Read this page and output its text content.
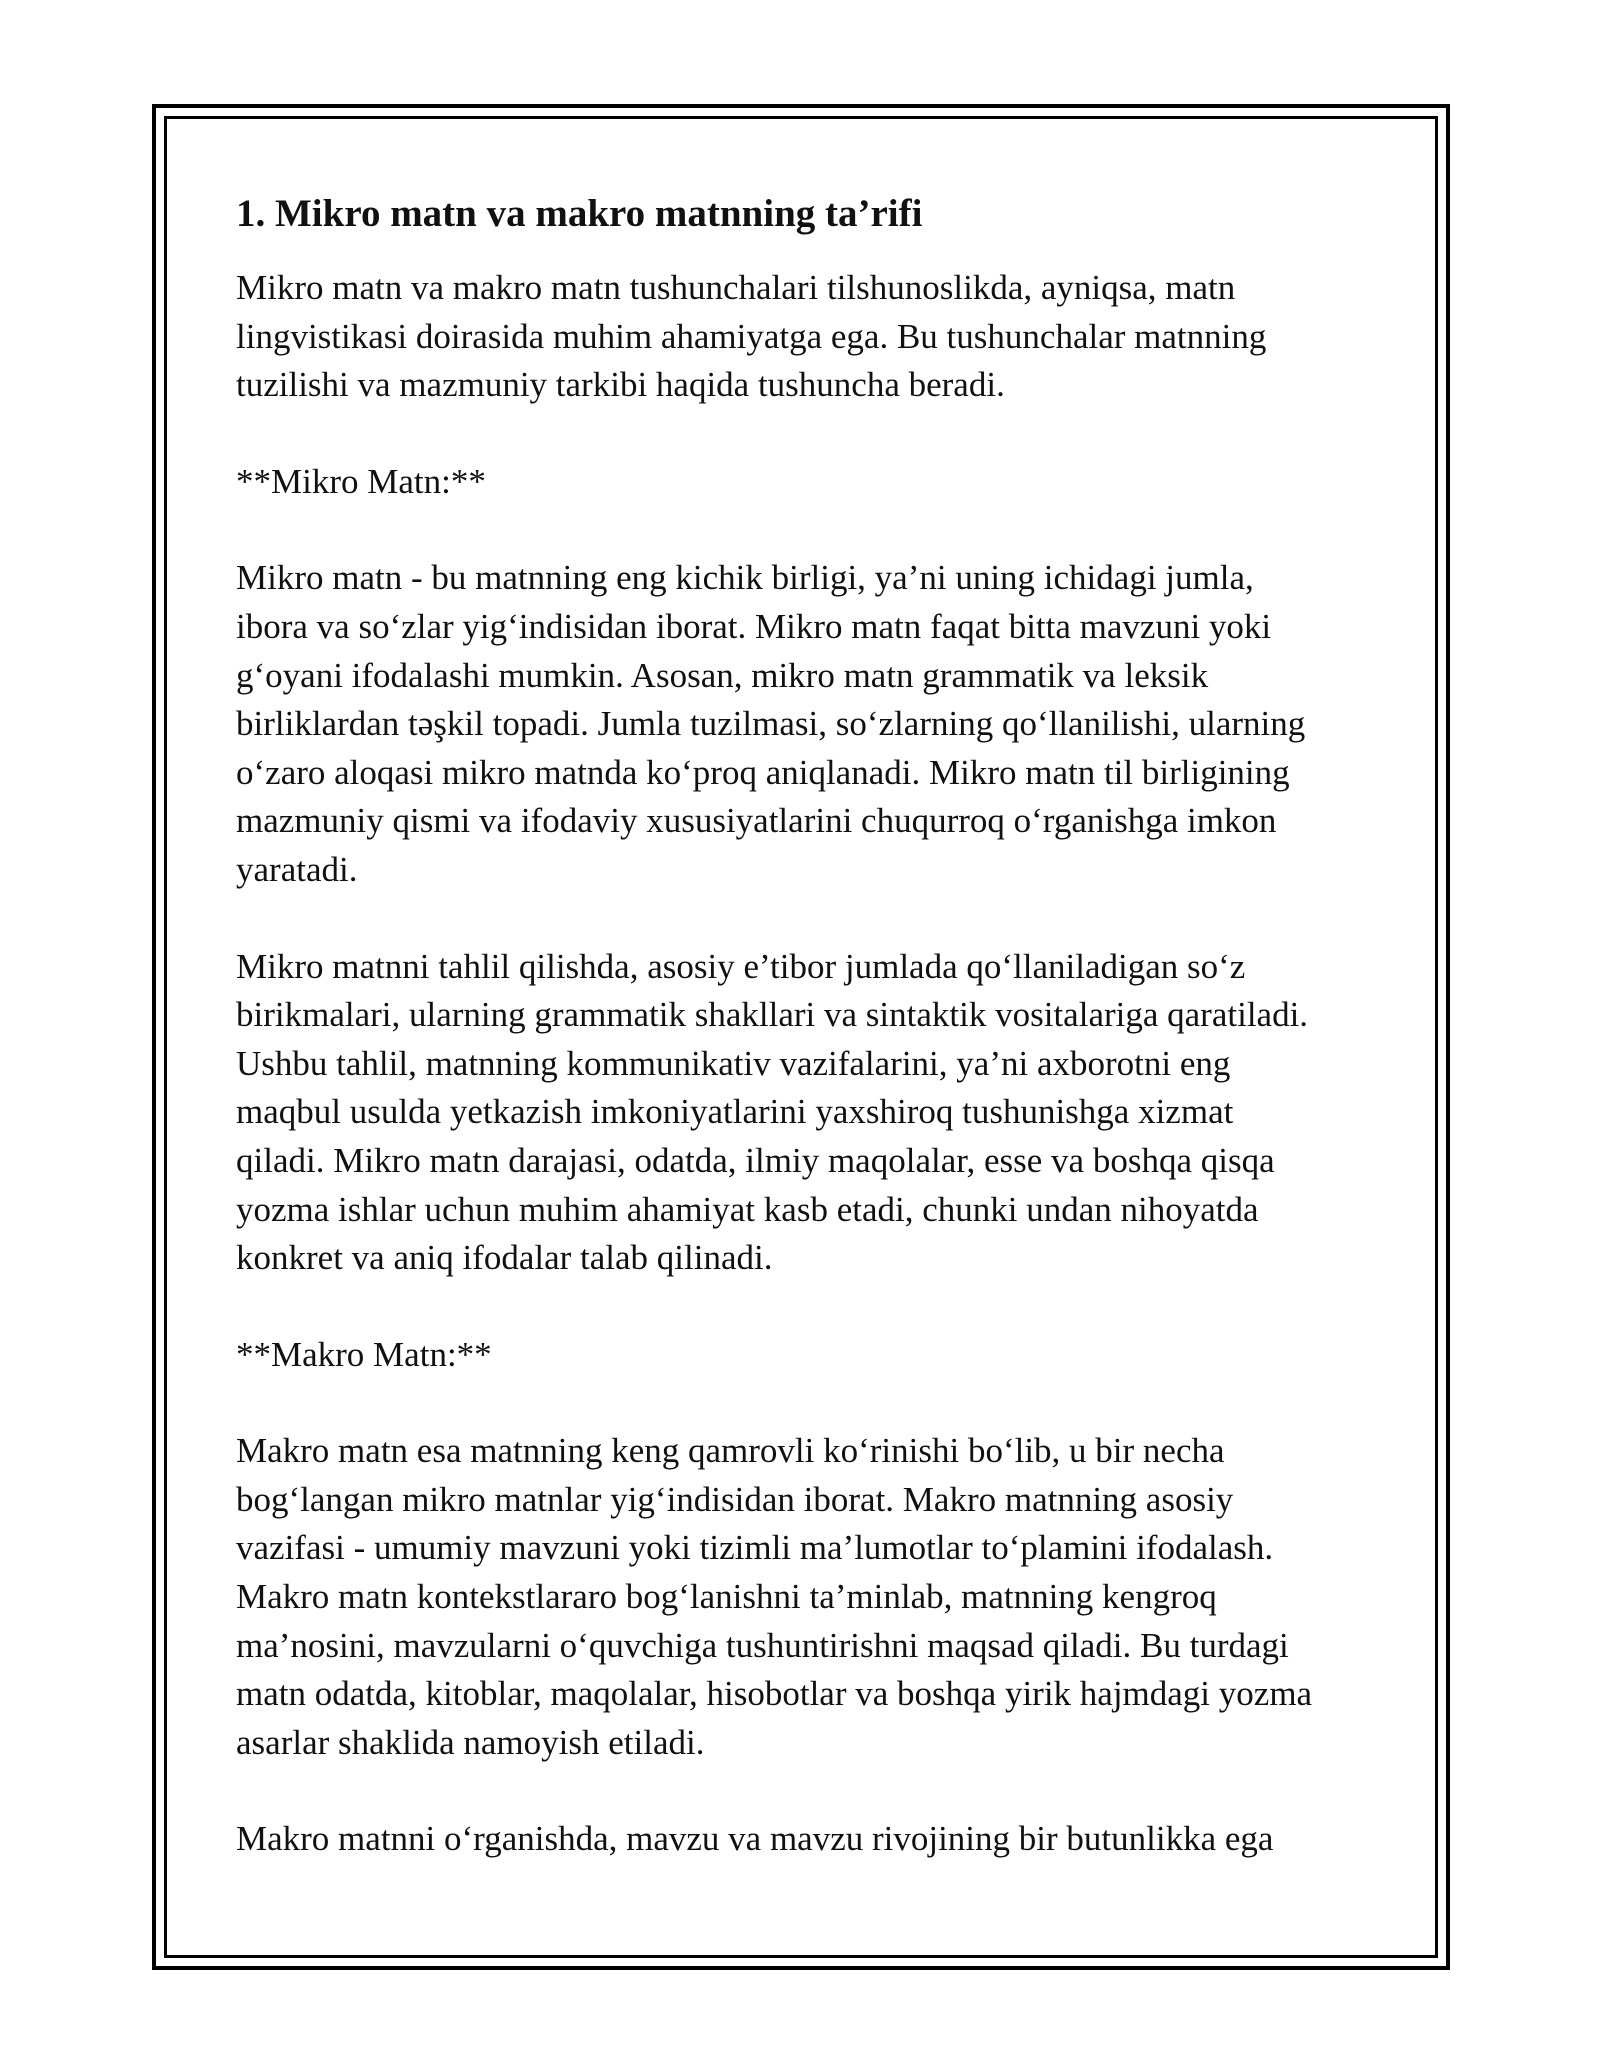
1. Mikro matn va makro matnning ta’rifi

Mikro matn va makro matn tushunchalari tilshunoslikda, ayniqsa, matn
lingvistikasi doirasida muhim ahamiyatga ega. Bu tushunchalar matnning
tuzilishi va mazmuniy tarkibi haqida tushuncha beradi.

**Mikro Matn:**

Mikro matn - bu matnning eng kichik birligi, ya’ni uning ichidagi jumla,
ibora va so‘zlar yig‘indisidan iborat. Mikro matn faqat bitta mavzuni yoki
g‘oyani ifodalashi mumkin. Asosan, mikro matn grammatik va leksik
birliklardan təşkil topadi. Jumla tuzilmasi, so‘zlarning qo‘llanilishi, ularning
o‘zaro aloqasi mikro matnda ko‘proq aniqlanadi. Mikro matn til birligining
mazmuniy qismi va ifodaviy xususiyatlarini chuqurroq o‘rganishga imkon
yaratadi.

Mikro matnni tahlil qilishda, asosiy e’tibor jumlada qo‘llaniladigan so‘z
birikmalari, ularning grammatik shakllari va sintaktik vositalariga qaratiladi.
Ushbu tahlil, matnning kommunikativ vazifalarini, ya’ni axborotni eng
maqbul usulda yetkazish imkoniyatlarini yaxshiroq tushunishga xizmat
qiladi. Mikro matn darajasi, odatda, ilmiy maqolalar, esse va boshqa qisqa
yozma ishlar uchun muhim ahamiyat kasb etadi, chunki undan nihoyatda
konkret va aniq ifodalar talab qilinadi.

**Makro Matn:**

Makro matn esa matnning keng qamrovli ko‘rinishi bo‘lib, u bir necha
bog‘langan mikro matnlar yig‘indisidan iborat. Makro matnning asosiy
vazifasi - umumiy mavzuni yoki tizimli ma’lumotlar to‘plamini ifodalash.
Makro matn kontekstlararo bog‘lanishni ta’minlab, matnning kengroq
ma’nosini, mavzularni o‘quvchiga tushuntirishni maqsad qiladi. Bu turdagi
matn odatda, kitoblar, maqolalar, hisobotlar va boshqa yirik hajmdagi yozma
asarlar shaklida namoyish etiladi.

Makro matnni o‘rganishda, mavzu va mavzu rivojining bir butunlikka ega
